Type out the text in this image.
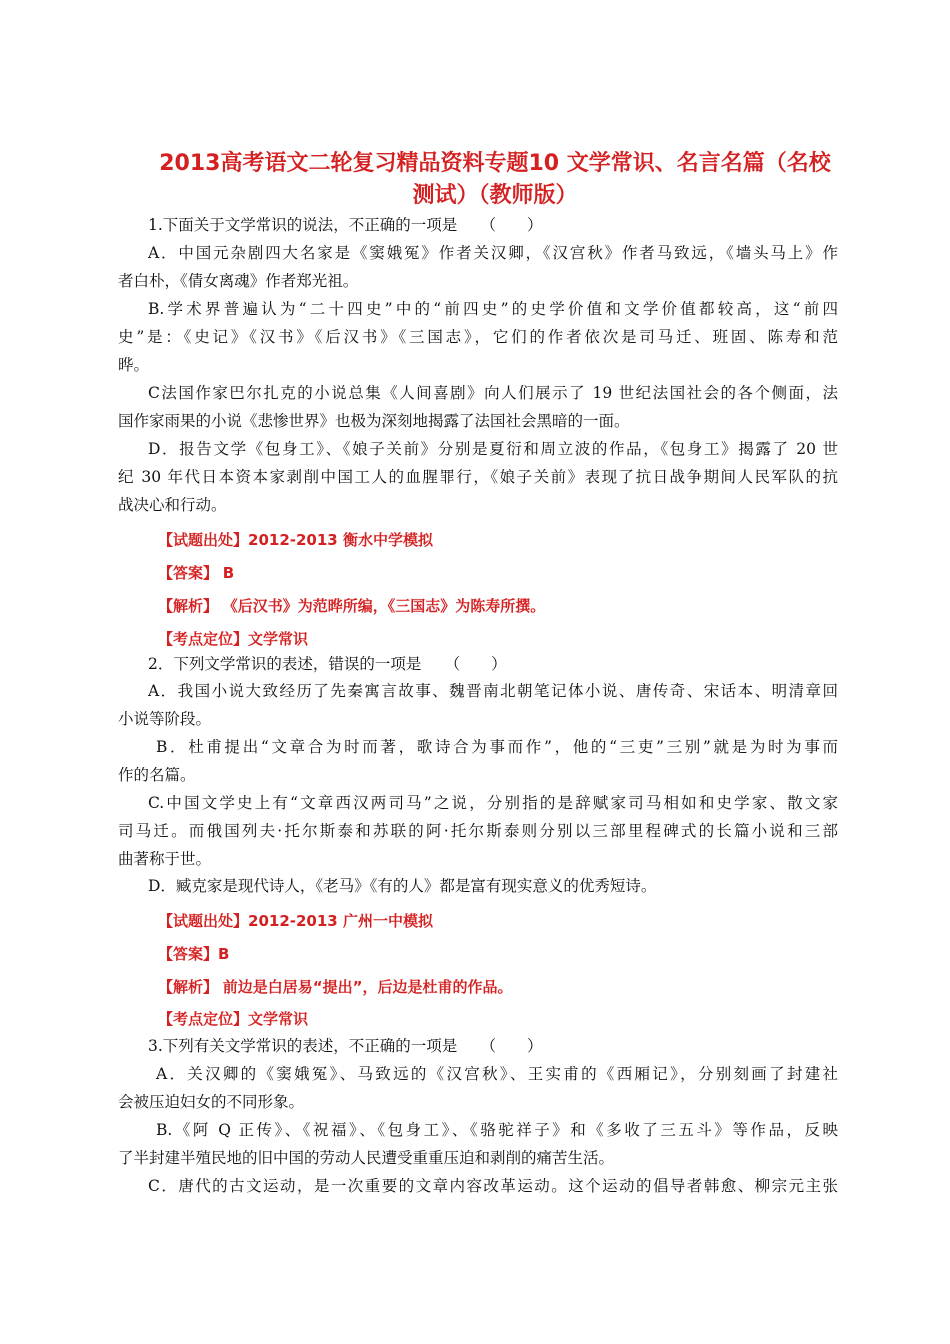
2013高考语文二轮复习精品资料专题10 文学常识、名言名篇（名校
测试）（教师版）
1.下面关于文学常识的说法，不正确的一项是　　（　　）
A．中国元杂剧四大名家是《窦娥冤》作者关汉卿，《汉宫秋》作者马致远，《墙头马上》作
者白朴，《倩女离魂》作者郑光祖。
B.学术界普遍认为“二十四史”中的“前四史”的史学价值和文学价值都较高，这“前四
史”是：《史记》《汉书》《后汉书》《三国志》，它们的作者依次是司马迁、班固、陈寿和范
晔。
C法国作家巴尔扎克的小说总集《人间喜剧》向人们展示了 19 世纪法国社会的各个侧面，法
国作家雨果的小说《悲惨世界》也极为深刻地揭露了法国社会黑暗的一面。
D．报告文学《包身工》、《娘子关前》分别是夏衍和周立波的作品，《包身工》揭露了 20 世
纪 30 年代日本资本家剥削中国工人的血腥罪行，《娘子关前》表现了抗日战争期间人民军队的抗
战决心和行动。
【试题出处】2012-2013 衡水中学模拟
【答案】 B
【解析】 《后汉书》为范晔所编，《三国志》为陈寿所撰。
【考点定位】文学常识
2．下列文学常识的表述，错误的一项是　　（　　）
A．我国小说大致经历了先秦寓言故事、魏晋南北朝笔记体小说、唐传奇、宋话本、明清章回
小说等阶段。
B．杜甫提出“文章合为时而著，歌诗合为事而作”，他的“三吏”三别”就是为时为事而
作的名篇。
C.中国文学史上有“文章西汉两司马”之说，分别指的是辞赋家司马相如和史学家、散文家
司马迁。而俄国列夫·托尔斯泰和苏联的阿·托尔斯泰则分别以三部里程碑式的长篇小说和三部
曲著称于世。
D．臧克家是现代诗人，《老马》《有的人》都是富有现实意义的优秀短诗。
【试题出处】2012-2013 广州一中模拟
【答案】B
【解析】 前边是白居易“提出”，后边是杜甫的作品。
【考点定位】文学常识
3.下列有关文学常识的表述，不正确的一项是　　（　　）
A．关汉卿的《窦娥冤》、马致远的《汉宫秋》、王实甫的《西厢记》，分别刻画了封建社
会被压迫妇女的不同形象。
B.《阿 Q 正传》、《祝福》、《包身工》、《骆驼祥子》和《多收了三五斗》等作品，反映
了半封建半殖民地的旧中国的劳动人民遭受重重压迫和剥削的痛苦生活。
C．唐代的古文运动，是一次重要的文章内容改革运动。这个运动的倡导者韩愈、柳宗元主张
